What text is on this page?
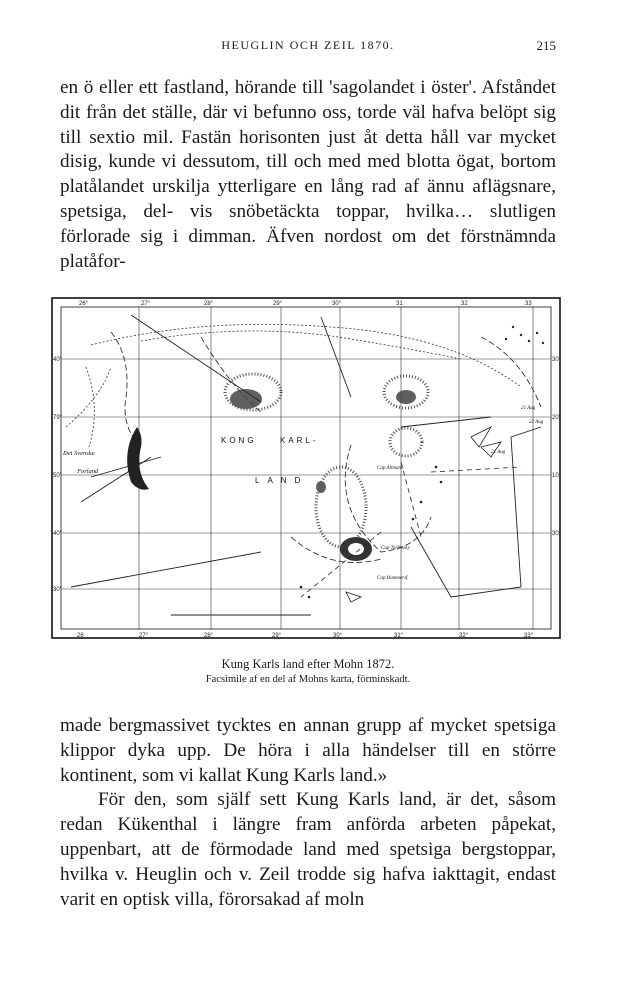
HEUGLIN OCH ZEIL 1870.	215

en ö eller ett fastland, hörande till 'sagolandet i öster'. Afståndet dit från det ställe, där vi befunno oss, torde väl hafva belöpt sig till sextio mil. Fastän horisonten just åt detta håll var mycket disig, kunde vi dessutom, till och med med blotta ögat, bortom platålandet urskilja ytterligare en lång rad af ännu aflägsnare, spetsiga, del- vis snöbetäckta toppar, hvilka… slutligen förlorade sig i dimman. Äfven nordost om det förstnämnda platåfor-

26°	27°	28°	29°	30°	31	32	33
26	27°	28°	29°	30°	31°	32°	33°
40'
79°
50'
40'
30'
30
20'
10
30'
KONG	KARL-
LAND
Det Svenske
Forland	Cap Altmann
Cap Torfensky
Cap Hammersf.
21 Aug
22 Aug
21 Aug
Kung Karls land efter Mohn 1872.
Facsimile af en del af Mohns karta, förminskadt.

made bergmassivet tycktes en annan grupp af mycket spetsiga klippor dyka upp. De höra i alla händelser till en större kontinent, som vi kallat Kung Karls land.»

För den, som själf sett Kung Karls land, är det, såsom redan Kükenthal i längre fram anförda arbeten påpekat, uppenbart, att de förmodade land med spetsiga bergstoppar, hvilka v. Heuglin och v. Zeil trodde sig hafva iakttagit, endast varit en optisk villa, förorsakad af moln
